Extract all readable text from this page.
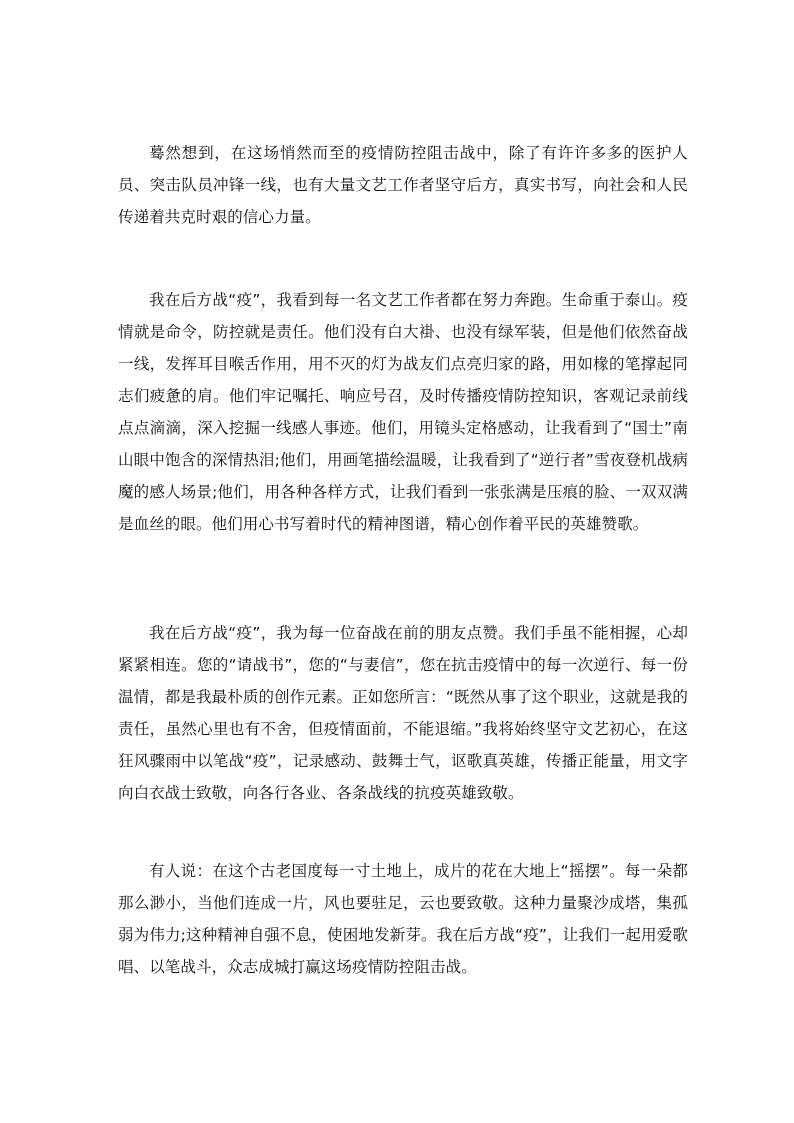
蓦然想到，在这场悄然而至的疫情防控阻击战中，除了有许许多多的医护人员、突击队员冲锋一线，也有大量文艺工作者坚守后方，真实书写，向社会和人民传递着共克时艰的信心力量。

我在后方战“疫”，我看到每一名文艺工作者都在努力奔跑。生命重于泰山。疫情就是命令，防控就是责任。他们没有白大褂、也没有绿军装，但是他们依然奋战一线，发挥耳目喉舌作用，用不灭的灯为战友们点亮归家的路，用如椽的笔撑起同志们疲惫的肩。他们牢记嘱托、响应号召，及时传播疫情防控知识，客观记录前线点点滴滴，深入挖掘一线感人事迹。他们，用镜头定格感动，让我看到了“国士”南山眼中饱含的深情热泪;他们，用画笔描绘温暖，让我看到了“逆行者”雪夜登机战病魔的感人场景;他们，用各种各样方式，让我们看到一张张满是压痕的脸、一双双满是血丝的眼。他们用心书写着时代的精神图谱，精心创作着平民的英雄赞歌。

我在后方战“疫”，我为每一位奋战在前的朋友点赞。我们手虽不能相握，心却紧紧相连。您的“请战书”，您的“与妻信”，您在抗击疫情中的每一次逆行、每一份温情，都是我最朴质的创作元素。正如您所言：“既然从事了这个职业，这就是我的责任，虽然心里也有不舍，但疫情面前，不能退缩。”我将始终坚守文艺初心，在这狂风骤雨中以笔战“疫”，记录感动、鼓舞士气，讴歌真英雄，传播正能量，用文字向白衣战士致敬，向各行各业、各条战线的抗疫英雄致敬。

有人说：在这个古老国度每一寸土地上，成片的花在大地上“摇摆”。每一朵都那么渺小，当他们连成一片，风也要驻足，云也要致敬。这种力量聚沙成塔，集孤弱为伟力;这种精神自强不息，使困地发新芽。我在后方战“疫”，让我们一起用爱歌唱、以笔战斗，众志成城打赢这场疫情防控阻击战。
